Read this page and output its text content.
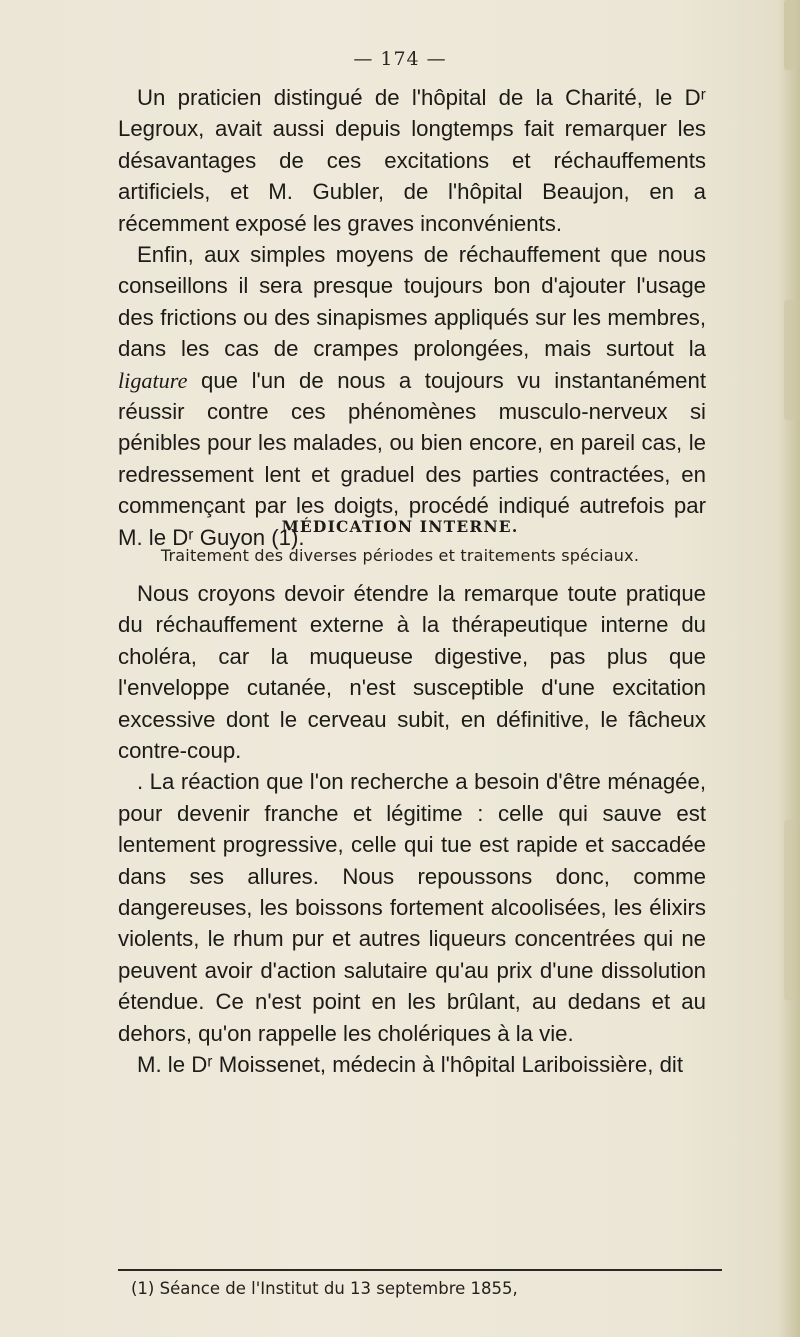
— 174 —

Un praticien distingué de l'hôpital de la Charité, le Dʳ Legroux, avait aussi depuis longtemps fait remarquer les désavantages de ces excitations et réchauffements artificiels, et M. Gubler, de l'hôpital Beaujon, en a récemment exposé les graves inconvénients.

Enfin, aux simples moyens de réchauffement que nous conseillons il sera presque toujours bon d'ajouter l'usage des frictions ou des sinapismes appliqués sur les membres, dans les cas de crampes prolongées, mais surtout la ligature que l'un de nous a toujours vu instantanément réussir contre ces phénomènes musculo-nerveux si pénibles pour les malades, ou bien encore, en pareil cas, le redressement lent et graduel des parties contractées, en commençant par les doigts, procédé indiqué autrefois par M. le Dʳ Guyon (1).

MÉDICATION INTERNE.
Traitement des diverses périodes et traitements spéciaux.

Nous croyons devoir étendre la remarque toute pratique du réchauffement externe à la thérapeutique interne du choléra, car la muqueuse digestive, pas plus que l'enveloppe cutanée, n'est susceptible d'une excitation excessive dont le cerveau subit, en définitive, le fâcheux contre-coup.

. La réaction que l'on recherche a besoin d'être ménagée, pour devenir franche et légitime : celle qui sauve est lentement progressive, celle qui tue est rapide et saccadée dans ses allures. Nous repoussons donc, comme dangereuses, les boissons fortement alcoolisées, les élixirs violents, le rhum pur et autres liqueurs concentrées qui ne peuvent avoir d'action salutaire qu'au prix d'une dissolution étendue. Ce n'est point en les brûlant, au dedans et au dehors, qu'on rappelle les cholériques à la vie.

M. le Dʳ Moissenet, médecin à l'hôpital Lariboissière, dit

(1) Séance de l'Institut du 13 septembre 1855,
